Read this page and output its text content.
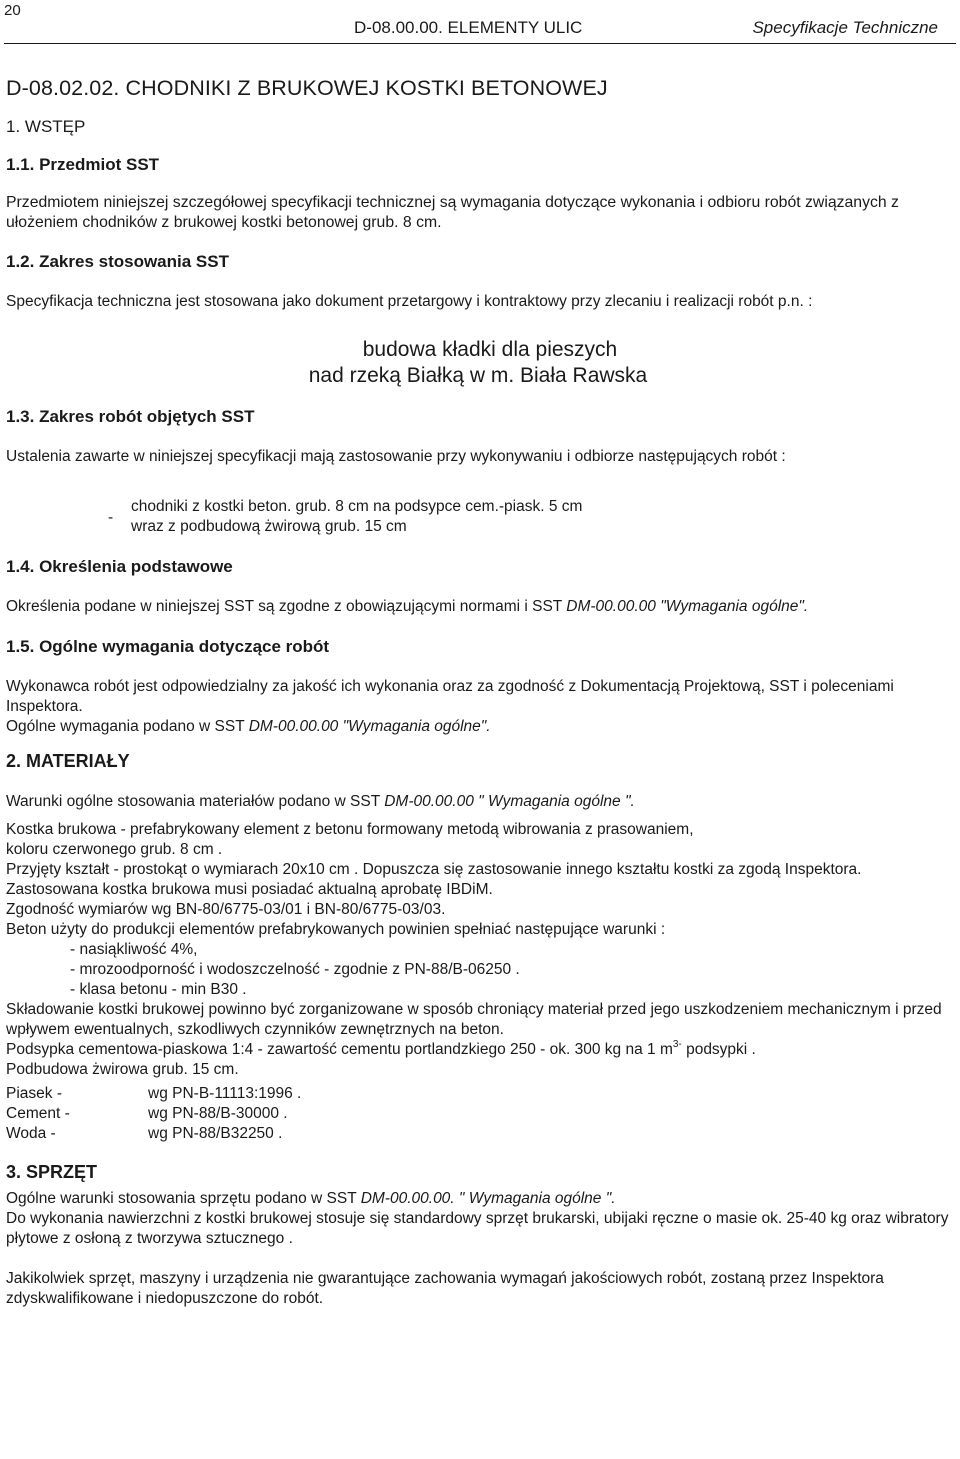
20
D-08.00.00. ELEMENTY ULIC	Specyfikacje Techniczne
D-08.02.02. CHODNIKI Z BRUKOWEJ KOSTKI BETONOWEJ
1. WSTĘP
1.1. Przedmiot SST

Przedmiotem niniejszej szczegółowej specyfikacji technicznej są wymagania dotyczące wykonania i odbioru robót związanych z ułożeniem chodników z brukowej kostki betonowej grub. 8 cm.

1.2. Zakres stosowania SST

Specyfikacja techniczna jest stosowana jako dokument przetargowy i kontraktowy przy zlecaniu i realizacji robót p.n. :

budowa kładki dla pieszych

nad rzeką Białką w m. Biała Rawska

1.3. Zakres robót objętych SST

Ustalenia zawarte w niniejszej specyfikacji mają zastosowanie przy wykonywaniu i odbiorze następujących robót :

-
chodniki z kostki beton. grub. 8 cm na podsypce cem.-piask. 5 cm
wraz z podbudową żwirową grub. 15 cm
1.4. Określenia podstawowe

Określenia podane w niniejszej SST są zgodne z obowiązującymi normami i SST DM-00.00.00 "Wymagania ogólne".

1.5. Ogólne wymagania dotyczące robót

Wykonawca robót jest odpowiedzialny za jakość ich wykonania oraz za zgodność z Dokumentacją Projektową, SST i poleceniami Inspektora.

Ogólne wymagania podano w SST DM-00.00.00 "Wymagania ogólne".

2. MATERIAŁY

Warunki ogólne stosowania materiałów podano w SST DM-00.00.00 " Wymagania ogólne ".

Kostka brukowa - prefabrykowany element z betonu formowany metodą wibrowania z prasowaniem,

koloru czerwonego grub. 8 cm .

Przyjęty kształt - prostokąt o wymiarach 20x10 cm . Dopuszcza się zastosowanie innego kształtu kostki za zgodą Inspektora.

Zastosowana kostka brukowa musi posiadać aktualną aprobatę IBDiM.

Zgodność wymiarów wg BN-80/6775-03/01 i BN-80/6775-03/03.

Beton użyty do produkcji elementów prefabrykowanych powinien spełniać następujące warunki :

- nasiąkliwość 4%,

- mrozoodporność i wodoszczelność - zgodnie z PN-88/B-06250 .

- klasa betonu - min B30 .

Składowanie kostki brukowej powinno być zorganizowane w sposób chroniący materiał przed jego uszkodzeniem mechanicznym i przed wpływem ewentualnych, szkodliwych czynników zewnętrznych na beton.

Podsypka cementowa-piaskowa 1:4 - zawartość cementu portlandzkiego 250 - ok. 300 kg na 1 $m^{3-}$ podsypki .

Podbudowa żwirowa grub. 15 cm.

Piasek -	wg PN-B-11113:1996 .
Cement -	wg PN-88/B-30000 .
Woda -	wg PN-88/B32250 .
3. SPRZĘT

Ogólne warunki stosowania sprzętu podano w SST DM-00.00.00. " Wymagania ogólne ".

Do wykonania nawierzchni z kostki brukowej stosuje się standardowy sprzęt brukarski, ubijaki ręczne o masie ok. 25-40 kg oraz wibratory płytowe z osłoną z tworzywa sztucznego .

Jakikolwiek sprzęt, maszyny i urządzenia nie gwarantujące zachowania wymagań jakościowych robót, zostaną przez Inspektora zdyskwalifikowane i niedopuszczone do robót.
